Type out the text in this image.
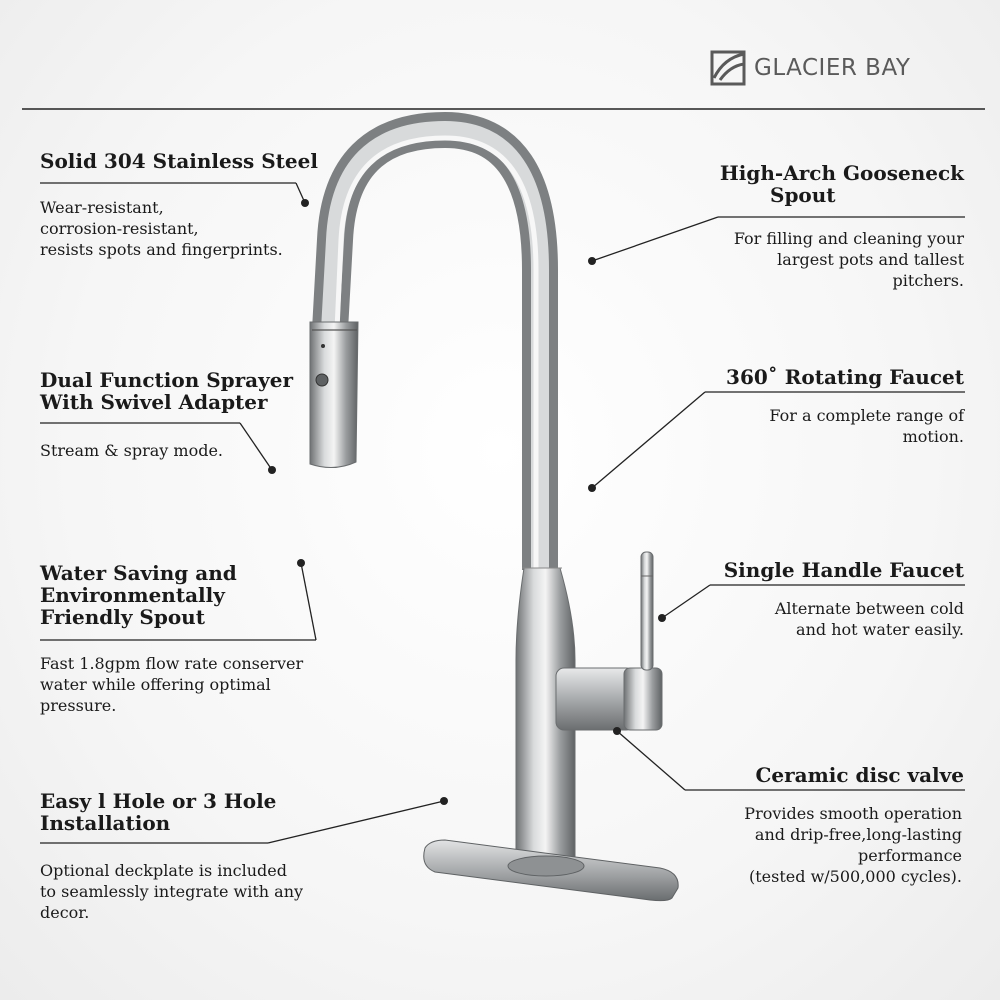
GLACIER BAY
Solid 304 Stainless Steel
Wear-resistant,
corrosion-resistant,
resists spots and fingerprints.
Dual Function Sprayer
With Swivel Adapter
Stream & spray mode.
Water Saving and
Environmentally
Friendly Spout
Fast 1.8gpm flow rate conserver
water while offering optimal
pressure.
Easy l Hole or 3 Hole
Installation
Optional deckplate is included
to seamlessly integrate with any
decor.
High-Arch Gooseneck
Spout
For filling and cleaning your
largest pots and tallest
pitchers.
360˚ Rotating Faucet
For a complete range of
motion.
Single Handle Faucet
Alternate between cold
and hot water easily.
Ceramic disc valve
Provides smooth operation
and drip-free,long-lasting
performance
(tested w/500,000 cycles).
